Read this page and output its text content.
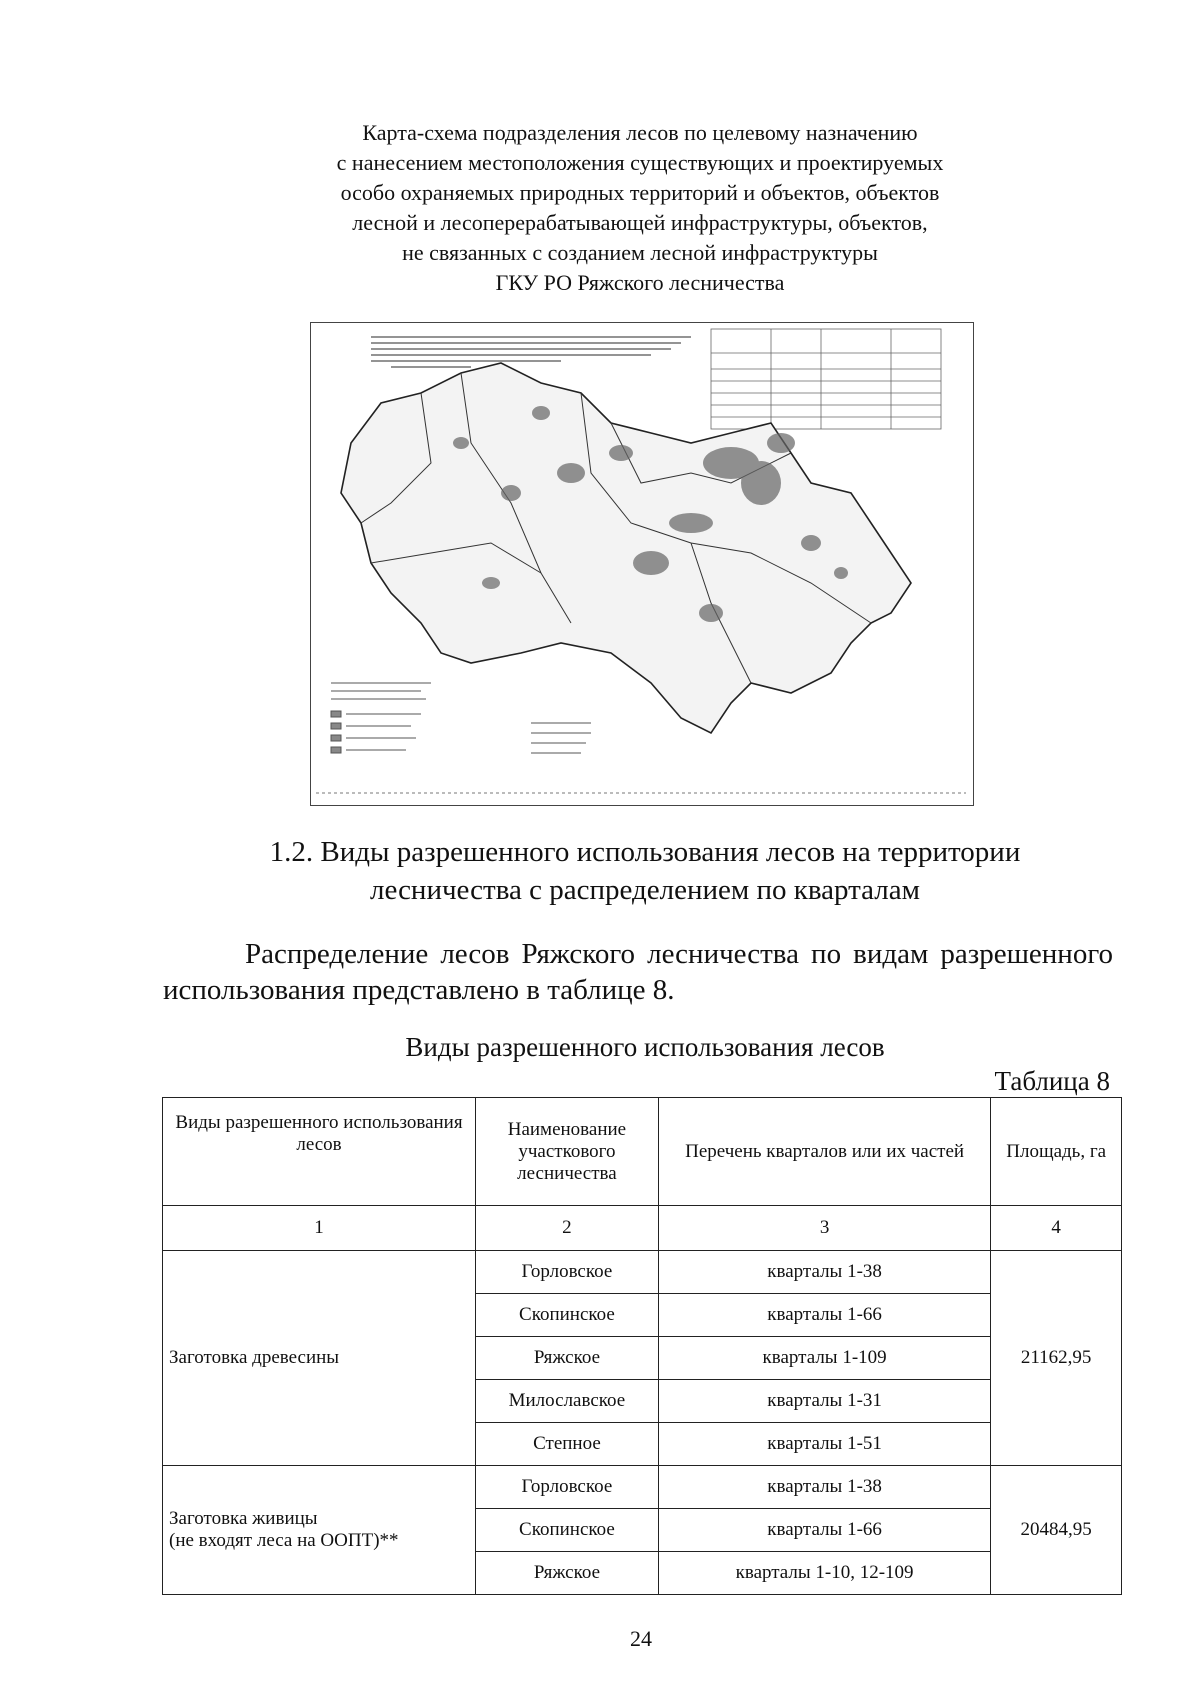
Карта-схема подразделения лесов по целевому назначению
с нанесением местоположения существующих и проектируемых
особо охраняемых природных территорий и объектов, объектов
лесной и лесоперерабатывающей инфраструктуры, объектов,
не связанных с созданием лесной инфраструктуры
ГКУ РО Ряжского лесничества
1.2. Виды разрешенного использования лесов на территории
лесничества с распределением по кварталам
Распределение лесов Ряжского лесничества по видам разрешенного
использования представлено в таблице 8.
Виды разрешенного использования лесов
Таблица 8
Виды разрешенного использования лесов	Наименование участкового лесничества	Перечень кварталов или их частей	Площадь, га
1	2	3	4
Заготовка древесины	Горловское	кварталы 1-38	21162,95
	Скопинское	кварталы 1-66	
	Ряжское	кварталы 1-109	
	Милославское	кварталы 1-31	
	Степное	кварталы 1-51	
Заготовка живицы
(не входят леса на ООПТ)**	Горловское	кварталы 1-38	20484,95
	Скопинское	кварталы 1-66	
	Ряжское	кварталы 1-10, 12-109	
24
